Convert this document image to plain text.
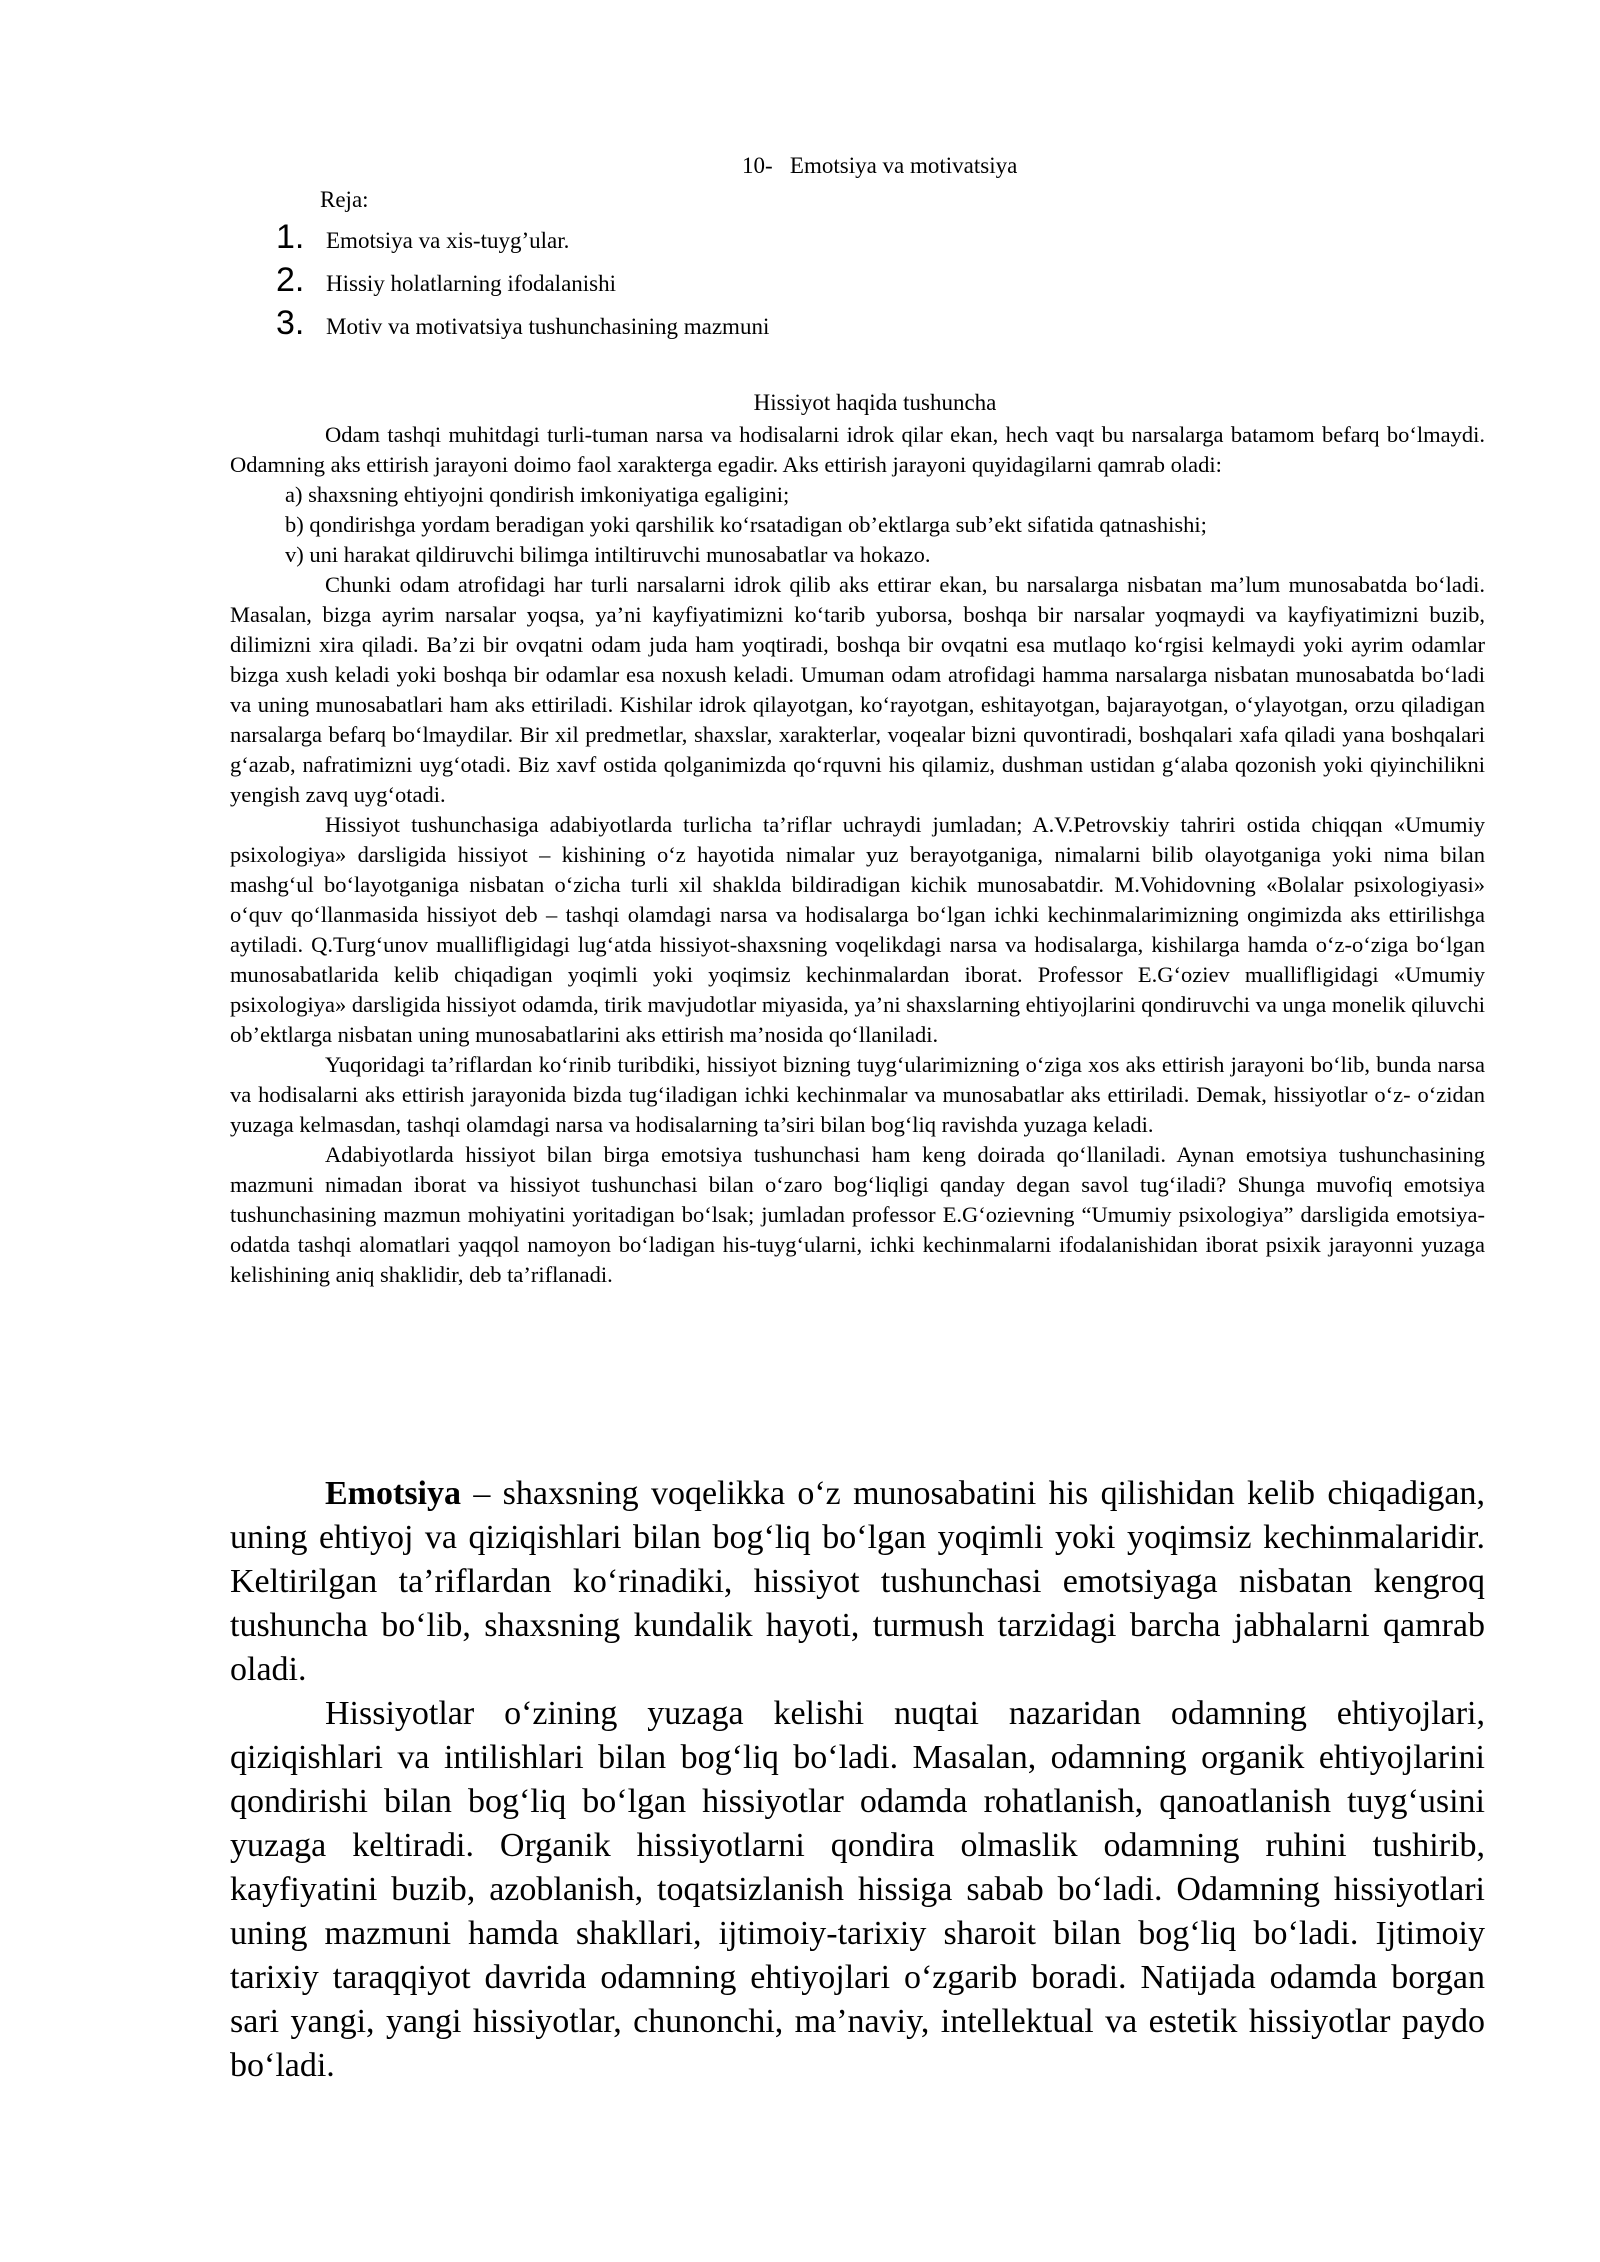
10-   Emotsiya va motivatsiya
Reja:
1. Emotsiya va xis-tuyg’ular.
2. Hissiy holatlarning ifodalanishi
3. Motiv va motivatsiya tushunchasining mazmuni
Hissiyot haqida tushuncha

Odam tashqi muhitdagi turli-tuman narsa va hodisalarni idrok qilar ekan, hech vaqt bu narsalarga batamom befarq bo‘lmaydi. Odamning aks ettirish jarayoni doimo faol xarakterga egadir. Aks ettirish jarayoni quyidagilarni qamrab oladi:

a) shaxsning ehtiyojni qondirish imkoniyatiga egaligini;

b) qondirishga yordam beradigan yoki qarshilik ko‘rsatadigan ob’ektlarga sub’ekt sifatida qatnashishi;

v) uni harakat qildiruvchi bilimga intiltiruvchi munosabatlar va hokazo.

Chunki odam atrofidagi har turli narsalarni idrok qilib aks ettirar ekan, bu narsalarga nisbatan ma’lum munosabatda bo‘ladi. Masalan, bizga ayrim narsalar yoqsa, ya’ni kayfiyatimizni ko‘tarib yuborsa, boshqa bir narsalar yoqmaydi va kayfiyatimizni buzib, dilimizni xira qiladi. Ba’zi bir ovqatni odam juda ham yoqtiradi, boshqa bir ovqatni esa mutlaqo ko‘rgisi kelmaydi yoki ayrim odamlar bizga xush keladi yoki boshqa bir odamlar esa noxush keladi. Umuman odam atrofidagi hamma narsalarga nisbatan munosabatda bo‘ladi va uning munosabatlari ham aks ettiriladi. Kishilar idrok qilayotgan, ko‘rayotgan, eshitayotgan, bajarayotgan, o‘ylayotgan, orzu qiladigan narsalarga befarq bo‘lmaydilar. Bir xil predmetlar, shaxslar, xarakterlar, voqealar bizni quvontiradi, boshqalari xafa qiladi yana boshqalari g‘azab, nafratimizni uyg‘otadi. Biz xavf ostida qolganimizda qo‘rquvni his qilamiz, dushman ustidan g‘alaba qozonish yoki qiyinchilikni yengish zavq uyg‘otadi.

Hissiyot tushunchasiga adabiyotlarda turlicha ta’riflar uchraydi jumladan; A.V.Petrovskiy tahriri ostida chiqqan «Umumiy psixologiya» darsligida hissiyot – kishining o‘z hayotida nimalar yuz berayotganiga, nimalarni bilib olayotganiga yoki nima bilan mashg‘ul bo‘layotganiga nisbatan o‘zicha turli xil shaklda bildiradigan kichik munosabatdir. M.Vohidovning «Bolalar psixologiyasi» o‘quv qo‘llanmasida hissiyot deb – tashqi olamdagi narsa va hodisalarga bo‘lgan ichki kechinmalarimizning ongimizda aks ettirilishga aytiladi. Q.Turg‘unov muallifligidagi lug‘atda hissiyot-shaxsning voqelikdagi narsa va hodisalarga, kishilarga hamda o‘z-o‘ziga bo‘lgan munosabatlarida kelib chiqadigan yoqimli yoki yoqimsiz kechinmalardan iborat. Professor E.G‘oziev muallifligidagi «Umumiy psixologiya» darsligida hissiyot odamda, tirik mavjudotlar miyasida, ya’ni shaxslarning ehtiyojlarini qondiruvchi va unga monelik qiluvchi ob’ektlarga nisbatan uning munosabatlarini aks ettirish ma’nosida qo‘llaniladi.

Yuqoridagi ta’riflardan ko‘rinib turibdiki, hissiyot bizning tuyg‘ularimizning o‘ziga xos aks ettirish jarayoni bo‘lib, bunda narsa va hodisalarni aks ettirish jarayonida bizda tug‘iladigan ichki kechinmalar va munosabatlar aks ettiriladi. Demak, hissiyotlar o‘z- o‘zidan yuzaga kelmasdan, tashqi olamdagi narsa va hodisalarning ta’siri bilan bog‘liq ravishda yuzaga keladi.

Adabiyotlarda hissiyot bilan birga emotsiya tushunchasi ham keng doirada qo‘llaniladi. Aynan emotsiya tushunchasining mazmuni nimadan iborat va hissiyot tushunchasi bilan o‘zaro bog‘liqligi qanday degan savol tug‘iladi? Shunga muvofiq emotsiya tushunchasining mazmun mohiyatini yoritadigan bo‘lsak; jumladan professor E.G‘ozievning “Umumiy psixologiya” darsligida emotsiya-odatda tashqi alomatlari yaqqol namoyon bo‘ladigan his-tuyg‘ularni, ichki kechinmalarni ifodalanishidan iborat psixik jarayonni yuzaga kelishining aniq shaklidir, deb ta’riflanadi.

Emotsiya – shaxsning voqelikka o‘z munosabatini his qilishidan kelib chiqadigan, uning ehtiyoj va qiziqishlari bilan bog‘liq bo‘lgan yoqimli yoki yoqimsiz kechinmalaridir. Keltirilgan ta’riflardan ko‘rinadiki, hissiyot tushunchasi emotsiyaga nisbatan kengroq tushuncha bo‘lib, shaxsning kundalik hayoti, turmush tarzidagi barcha jabhalarni qamrab oladi.

Hissiyotlar o‘zining yuzaga kelishi nuqtai nazaridan odamning ehtiyojlari, qiziqishlari va intilishlari bilan bog‘liq bo‘ladi. Masalan, odamning organik ehtiyojlarini qondirishi bilan bog‘liq bo‘lgan hissiyotlar odamda rohatlanish, qanoatlanish tuyg‘usini yuzaga keltiradi. Organik hissiyotlarni qondira olmaslik odamning ruhini tushirib, kayfiyatini buzib, azoblanish, toqatsizlanish hissiga sabab bo‘ladi. Odamning hissiyotlari uning mazmuni hamda shakllari, ijtimoiy-tarixiy sharoit bilan bog‘liq bo‘ladi. Ijtimoiy tarixiy taraqqiyot davrida odamning ehtiyojlari o‘zgarib boradi. Natijada odamda borgan sari yangi, yangi hissiyotlar, chunonchi, ma’naviy, intellektual va estetik hissiyotlar paydo bo‘ladi.
